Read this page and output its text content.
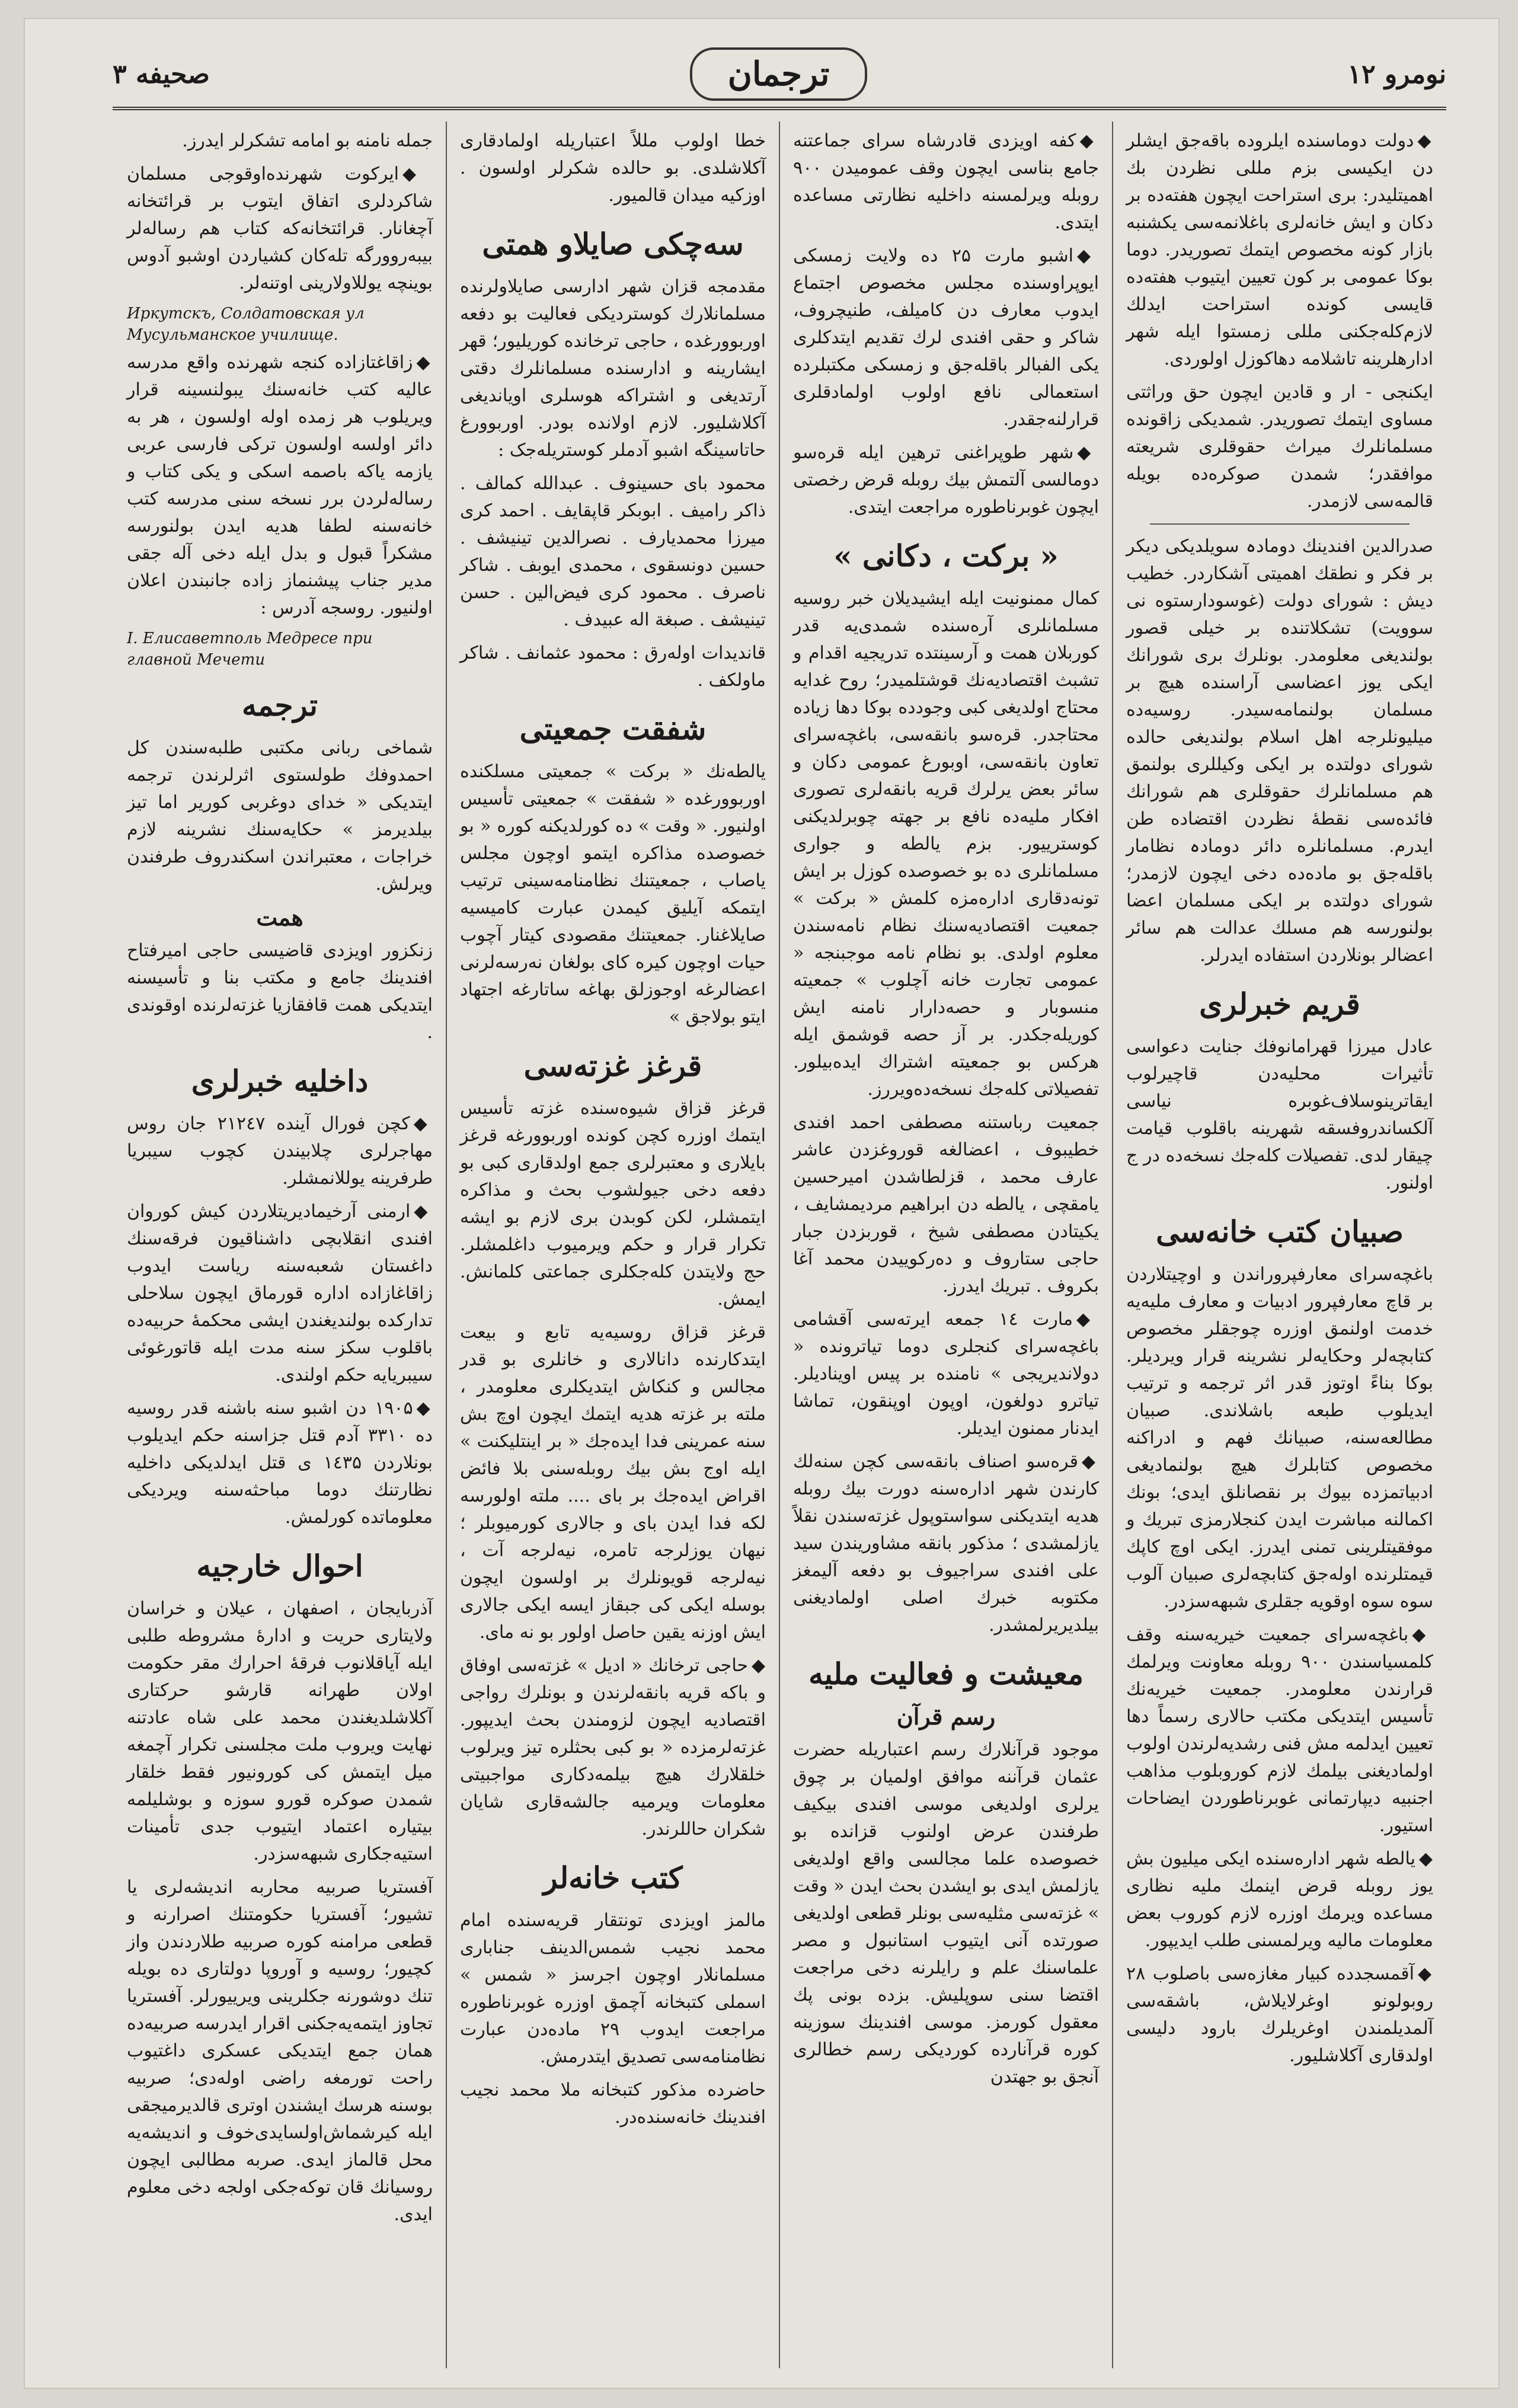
نومرو ۱۲
ترجمان
صحیفه ۳
◆دولت دوماسنده ایلروده باقه‌جق ایشلر دن ایکیسی بزم مللی نظردن بك اهمیتلیدر: بری استراحت ایچون هفته‌ده بر دکان و ایش خانه‌لری باغلانمه‌سی یکشنبه بازار کونه مخصوص ایتمك تصوریدر. دوما بوکا عمومی بر کون تعیین ایتیوب هفته‌ده قایسی کونده استراحت ایدلك لازم‌کله‌جکنی مللی زمستوا ایله شهر ادارهلرینه تاشلامه دهاکوزل اولوردی.
ایکنجی - ار و قادین ایچون حق وراثتی مساوی ایتمك تصوریدر. شمدیکی زاقونده مسلمانلرك میراث حقوقلری شریعته موافقدر؛ شمدن صوکره‌ده بویله قالمه‌سی لازمدر.
صدرالدین افندینك دومادہ سویلدیکی دیکر بر فکر و نطقك اهمیتی آشکاردر. خطیب دیش : شورای دولت (غوسودارستوه نی سوویت) تشکلاتنده بر خیلی قصور بولندیغی معلومدر. بونلرك بری شورانك ایکی یوز اعضاسی آراسنده هیچ بر مسلمان بولنمامه‌سیدر. روسیه‌ده میلیونلرجه اهل اسلام بولندیغی حالده شورای دولتده بر ایکی وکیللری بولنمق هم مسلمانلرك حقوقلری هم شورانك فائده‌سی نقطه‌ٔ نظردن اقتضاده طن ایدرم. مسلمانلره دائر دومادہ نظامار باقله‌جق بو ماده‌ده دخی ایچون لازمدر؛ شورای دولتده بر ایکی مسلمان اعضا بولنورسه هم مسلك عدالت هم سائر اعضالر بونلاردن استفاده ایدرلر.
قریم خبرلری
عادل میرزا قهرامانوفك جنایت دعواسی تأثیرات محلیه‌دن قاچیرلوب ایقاترینوسلاف‌غوبره نیاسی آلکساندروفسقه شهرینه باقلوب قیامت چیقار لدی. تفصیلات کلەجك نسخه‌ده در ج اولنور.
صبیان کتب خانه‌سی
باغچه‌سرای معارفپروراندن و اوچیتلاردن بر قاچ معارفپرور ادبیات و معارف ملیه‌یه خدمت اولنمق اوزره چوجقلر مخصوص کتابچەلر وحکایه‌لر نشرینه قرار ویردیلر. بوکا بناءً اوتوز قدر اثر ترجمه و ترتیب ایدیلوب طبعه باشلاندی. صبیان مطالعه‌سنه، صبیانك فهم و ادراکنه مخصوص کتابلرك هیچ بولنمادیغی ادبیاتمزده بیوك بر نقصانلق ایدی؛ بونك اکمالنه مباشرت ایدن کنجلارمزی تبریك و موفقیتلرینی تمنی ایدرز. ایکی اوچ کاپك قیمتلرنده اولەجق کتابچەلری صبیان آلوب سوه سوه اوقویه جقلری شبهه‌سزدر.
◆باغچه‌سرای جمعیت خیریه‌سنه وقف کلمسیاسندن ۹۰۰ روبله معاونت ویرلمك قرارندن معلومدر. جمعیت خیریه‌نك تأسیس ایتدیکی مکتب حالاری رسماً دها تعیین ایدلمه مش فنی رشدیه‌لرندن اولوب اولمادیغنی بیلمك لازم کوروبلوب مذاهب اجنبیه دیپارتمانی غوبرناطوردن ایضاحات استیور.
◆یالطه شهر ادارەسنده ایکی میلیون بش یوز روبله قرض اینمك ملیه نظاری مساعده ویرمك اوزره لازم کوروب بعض معلومات مالیه ویرلمسنی طلب ایدیپور.
◆آقمسجدده کبیار مغازه‌سی باصلوب ۲۸ روبولونو اوغرلایلاش، باشقه‌سی آلمدیلمندن اوغریلرك بارود دلیسی اولدقاری آکلاشلیور.
◆کفه اویزدی قادرشاه سرای جماعتنه جامع بناسی ایچون وقف عمومیدن ۹۰۰ روبله ویرلمسنه داخلیه نظارتی مساعده ایتدی.
◆اشبو مارت ۲۵ ده ولایت زمسکی ایوپراوسنده مجلس مخصوص اجتماع ایدوب معارف دن کامیلف، طنیچروف، شاکر و حقی افندی لرك تقدیم ایتدکلری یکی الفبالر باقله‌جق و زمسکی مکتبلرده استعمالی نافع اولوب اولمادقلری قرارلنه‌جقدر.
◆شهر طوپراغنی ترهین ایله قره‌سو دومالسی آلتمش بیك روبله قرض رخصتی ایچون غوبرناطوره مراجعت ایتدی.
« برکت ، دکانی »
کمال ممنونیت ایله ایشیدیلان خبر روسیه مسلمانلری آرەسنده شمدی‌یه قدر کوربلان همت و آرسینتده تدریجیه اقدام و تشبث اقتصادیه‌نك قوشتلمیدر؛ روح غدایه محتاج اولدیغی کبی وجودده بوکا دها زیاده محتاجدر. قرەسو بانقه‌سی، باغچه‌سرای تعاون بانقه‌سی، اوبورغ عمومی دکان و سائر بعض یرلرك قریه بانقه‌لری تصوری افکار ملیه‌ده ‌نافع بر جهته چوبرلدیکنی کوسترییور. بزم یالطه و جوارى مسلمانلری ده بو خصوصده کوزل بر ایش تونه‌دقاری اداره‌مزه کلمش « برکت » جمعیت اقتصادیه‌سنك نظام نامه‌سندن معلوم اولدی. بو نظام نامه موجبنجه « عمومی تجارت خانه آچلوب » جمعیته منسوبار و حصه‌دارار نامنه ایش کوریله‌جکدر. بر آز حصه قوشمق ایله هرکس بو جمعیته اشتراك ایده‌بیلور. تفصیلاتی کلەجك نسخه‌ده‌ویررز.
جمعیت رباستنه مصطفی احمد افندی خطیبوف ، اعضالغه قوروغزدن عاشر عارف محمد ، قزلطاشدن امیرحسین یامقچی ، یالطه دن ابراهیم مردیمشایف ، یکیتادن مصطفی شیخ ، قوربزدن جبار حاجی ستاروف و ده‌رکوییدن محمد آغا بکروف . تبریك ایدرز.
◆مارت ۱٤ جمعه ایرته‌سی آقشامی باغچه‌سرای کنجلری دوما تیاترونده « دولاندیریجی » نامنده بر پیس اوینادیلر. تیاترو دولغون، اوپون اوپنقون، تماشا ایدنار ممنون ایدیلر.
◆قرەسو اصناف بانقه‌سی کچن سنه‌لك کارندن شهر اداره‌سنه دورت بیك روبله هدیه ایتدیکنی سواستوپول غزته‌سندن نقلاً یازلمشدی ؛ مذکور بانقه مشاوریندن سید علی افندی سراجیوف بو دفعه آلیمغز مکتوبه خبرك اصلی اولمادیغنی بیلدیریرلمشدر.
معیشت و فعالیت ملیه
رسم قرآن
موجود قرآنلارك رسم اعتباریله حضرت عثمان قرآننه موافق اولمیان بر چوق یرلری اولدیغی موسی افندی بیکیف طرفندن عرض اولنوب قزانده بو خصوصده علما مجالسی واقع اولدیغی یازلمش ایدی بو ایشدن بحث ایدن « وقت » غزته‌سی مثلیه‌سی بونلر قطعی اولدیغی صورتده آنی ایتیوب استانبول و مصر علماسنك علم و رایلرنه دخی مراجعت اقتضا سنی سوپلیش. بزده بونی پك معقول کورمز. موسی افندینك سوزینه کوره قرآنارده کوردیکی رسم خطالری آنجق بو جهتدن
خطا اولوب مللاً اعتباریله اولمادقاری آکلاشلدی. بو حالده شکرلر اولسون . اوزکیه میدان قالمیور.
سه‌چکی صایلاو همتی
مقدمجه قزان شهر ادارسی صایلاولرنده مسلمانلارك کوسترديکی فعالیت بو دفعه اوربوورغده ، حاجی ترخانده کوریلیور؛ قهر ایشارینه و ادارسنده مسلمانلرك دقتی آرتدیغی و اشتراکه هوسلری اویاندیغی آکلاشلیور. لازم اولانده بودر. اوربوورغ حاتاسینگه اشبو آدملر کوستریله‌جک :
محمود بای حسینوف . عبدالله کمالف . ذاکر رامیف . ابوبکر قاپقایف . احمد کری میرزا محمدیارف . نصرالدین تینیشف . حسین دونسقوی ، محمدی ایوبف . شاکر ناصرف . محمود کری فیض‌الین . حسن تینیشف . صبغة اله عبیدف .
قاندیدات اولەرق : محمود عثمانف . شاکر ماولکف .
شفقت جمعیتی
یالطه‌نك « برکت » جمعیتی مسلکنده اوربوورغده « شفقت » جمعیتی تأسیس اولنیور. « وقت » ده کورلدیکنه کوره « بو خصوصده مذاکره ایتمو اوچون مجلس یاصاب ، جمعیتنك نظامنامه‌سینی ترتیب ایتمکه آیلیق کیمدن عبارت کامیسیه صایلاغنار. جمعیتنك مقصودی کیتار آچوب حیات اوچون کیره کای بولغان نه‌رسه‌لرنی اعضالرغه اوجوزلق بهاغه ساتارغه اجتهاد ایتو بولاجق »
قرغز غزته‌سی
قرغز قزاق شیوه‌سنده غزته تأسیس ایتمك اوزره کچن کونده اوربوورغه قرغز بایلاری و معتبرلری جمع اولدقاری کبی بو دفعه دخی جیولشوب بحث و مذاکره ایتمشلر، لکن کوبدن بری لازم بو ایشه تکرار قرار و حکم ویرمیوب داغلمشلر. حج ولایتدن کلەجکلری جماعتی کلمانش. ایمش.
قرغز قزاق روسیه‌یه تابع و بیعت ایتدکارنده دانالاری و خانلری بو قدر مجالس و کنکاش ایتدیکلری معلومدر ، ملته بر غزته هدیه ایتمك ایچون اوچ بش سنه عمرینی فدا ایده‌جك « بر اینتلیکنت » ایله اوج بش بیك روبله‌سنی بلا فائض اقراض ایده‌جك بر بای .... ملته اولورسه لکه فدا ایدن بای و جالاری کورمیوبلر ؛ نیهان یوزلرجه تامره، نیه‌لرجه آت ، نیه‌لرجه قویونلرك بر اولسون ایچون بوسله ایکی کی جبقاز ایسه ایکی جالاری ایش اوزنه یقین حاصل اولور بو نه مای.
◆حاجی ترخانك « ادیل » غزته‌سی اوفاق و باکه قریه بانقه‌لرندن و بونلرك رواجی اقتصادیه ایچون لزومندن بحث ایدیپور. غزته‌لرمزده « بو کبی بحثلره تیز ویرلوب خلقلارك هیچ بیلمه‌دکاری مواجبیتی معلومات ویرمیه جالشه‌قاری شایان شکران حاللرندر.
کتب خانەلر
مالمز اویزدی تونتقار قریه‌سنده امام محمد نجیب شمس‌الدینف جناباری مسلمانلار اوچون اجرسز « شمس » اسملی کتبخانه آچمق اوزره غوبرناطوره مراجعت ایدوب ۲۹ ماده‌دن عبارت نظامنامه‌سی تصدیق ایتدرمش.
حاضرده مذکور کتبخانه ملا محمد نجیب افندینك خانه‌سنده‌در.
جمله نامنه بو امامه تشکرلر ایدرز.
◆ایرکوت شهرنده‌اوقوجی مسلمان شاکردلری اتفاق ایتوب بر قرائتخانه آچغانار. قرائتخانه‌که کتاب هم رساله‌لر بیبه‌روورگه تله‌کان کشیاردن اوشبو آدوس بوینچه یوللاولارینی اوتنه‌لر.
Иркутскъ, Солдатовская ул Мусульманское училище.
◆زاقاغتازاده کنجه شهرنده واقع مدرسه عالیه کتب خانه‌سنك یبولنسینه قرار ویریلوب هر زمده اوله اولسون ، هر به دائر اولسه اولسون ترکی فارسی عربی یازمه یاکه باصمه اسکی و یکی کتاب و رساله‌لردن برر نسخه سنی مدرسه کتب خانه‌سنه لطفا هدیه ایدن بولنورسه مشکراً قبول و بدل ایله دخی آله جقی مدیر جناب پیشنماز زاده جانبندن اعلان اولنیور. روسجه آدرس :
I. Елисаветполь Медресе при главной Мечети
ترجمه
شماخی ربانی مکتبی طلبه‌سندن کل احمدوفك طولستوی اثرلرندن ترجمه ایتدیکی « خدای دوغربی کوریر اما تیز بیلدیرمز » حکایه‌سنك نشرینه لازم خراجات ، معتبراندن اسکندروف طرفندن ویرلش.
همت
زنکزور اویزدی قاضیسی حاجی امیرفتاح افندینك جامع و مکتب بنا و تأسیسنه ایتدیکی همت قافقازیا غزته‌لرنده اوقوندی .
داخلیه خبرلری
◆کچن فورال آینده ۲۱۲٤۷ جان روس مهاجرلری چلابیندن کچوب سیبریا طرفرینه یوللانمشلر.
◆ارمنی آرخیمادیریتلاردن کیش کوروان افندی انقلابچی داشناقیون فرقه‌سنك داغستان شعبه‌سنه ریاست ایدوب زاقاغازاده اداره قورماق ایچون سلاحلی تدارکده بولندیغندن ایشی محکمهٔ حربیه‌ده باقلوب سکز سنه مدت ایله قاتورغوئی سیبریایه حکم اولندی.
◆۱۹۰۵ دن اشبو سنه باشنه قدر روسیه ده ۳۳۱۰ آدم قتل جزاسنه حکم ایدیلوب بونلاردن ۱٤۳۵ ی قتل ایدلدیکی داخلیه نظارتنك دوما مباحثه‌سنه ویردیکی معلوماتده کورلمش.
احوال خارجیه
آذربایجان ، اصفهان ، عیلان و خراسان ولایتاری حریت و ادارهٔ مشروطه طلبی ایله آیاقلانوب فرقهٔ احرارك مقر حکومت اولان طهرانه قارشو حرکتاری آکلاشلدیغندن محمد علی شاه عادتنه نهایت ویروب ملت مجلسنی تکرار آچمغه میل ایتمش کی کورونیور فقط خلقار شمدن صوکره قورو سوزه و بوشلیلمه بیتیاره اعتماد ایتیوب جدی تأمینات استیه‌جکاری شبهه‌سزدر.
آفستریا صربیه محاربه اندیشه‌لری یا تشیور؛ آفستریا حکومتنك اصرارنه و قطعی مرامنه کوره صربیه طلاردندن واز کچیور؛ روسیه و آوروپا دولتاری ده بویله تنك دوشورنه جکلرینی ویرییورلر. آفستریا تجاوز ایتمه‌یه‌جکنی اقرار ایدرسه صربیه‌ده همان جمع ایتدیکی عسکری داغتیوب راحت تورمغه راضی اولەدی؛ صربیه بوسنه هرسك ایشندن اوتری قالدیرمیجقی ایله کیرشماش‌اولسایدی‌خوف و اندیشه‌یه محل قالماز ایدی. صربه مطالبی ایچون روسیانك قان توکه‌جکی اولجه دخی معلوم ایدی.
